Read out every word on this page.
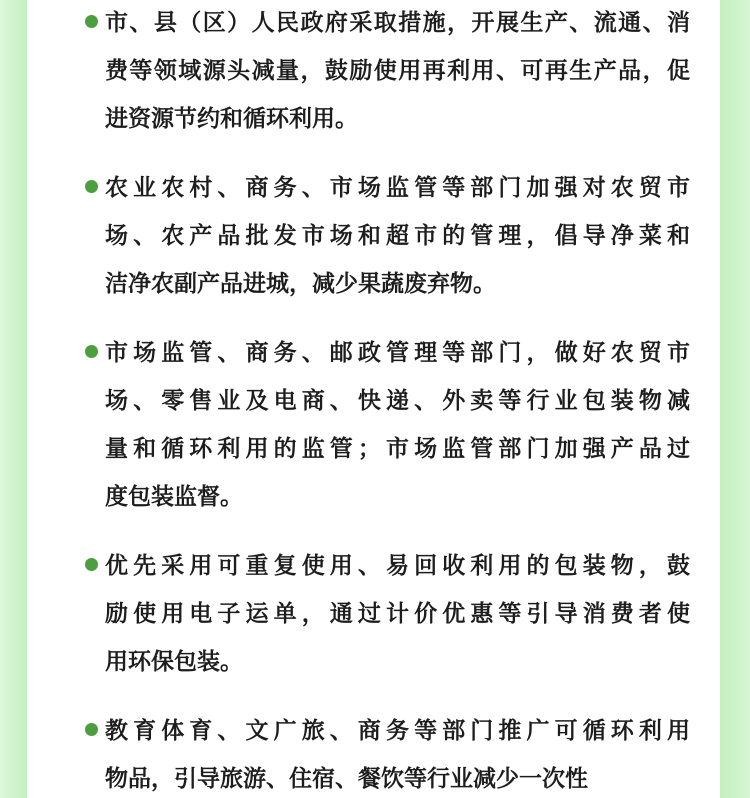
市、县（区）人民政府采取措施，开展生产、流通、消
费等领域源头减量，鼓励使用再利用、可再生产品，促
进资源节约和循环利用。
农业农村、商务、市场监管等部门加强对农贸市
场、农产品批发市场和超市的管理，倡导净菜和
洁净农副产品进城，减少果蔬废弃物。
市场监管、商务、邮政管理等部门，做好农贸市
场、零售业及电商、快递、外卖等行业包装物减
量和循环利用的监管；市场监管部门加强产品过
度包装监督。
优先采用可重复使用、易回收利用的包装物，鼓
励使用电子运单，通过计价优惠等引导消费者使
用环保包装。
教育体育、文广旅、商务等部门推广可循环利用
物品，引导旅游、住宿、餐饮等行业减少一次性
